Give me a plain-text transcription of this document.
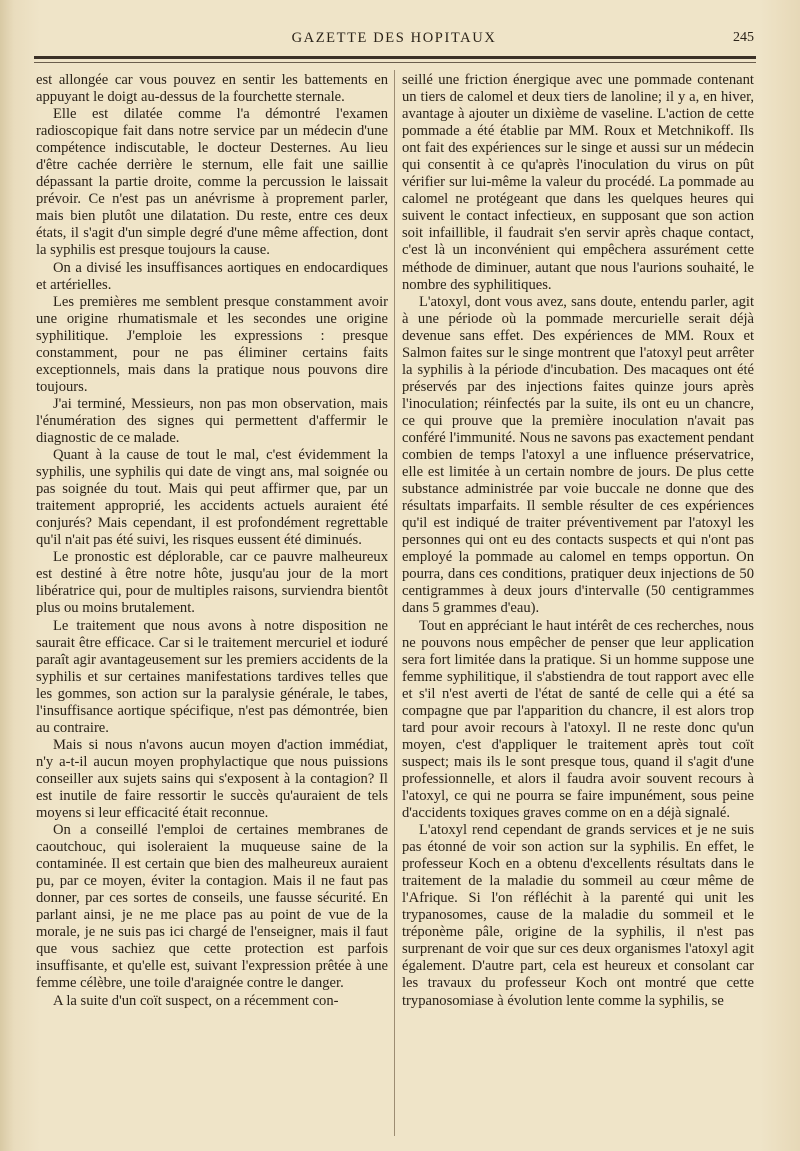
GAZETTE DES HOPITAUX	245

est allongée car vous pouvez en sentir les battements en appuyant le doigt au-dessus de la fourchette sternale.

Elle est dilatée comme l'a démontré l'examen radioscopique fait dans notre service par un médecin d'une compétence indiscutable, le docteur Desternes. Au lieu d'être cachée derrière le sternum, elle fait une saillie dépassant la partie droite, comme la percussion le laissait prévoir. Ce n'est pas un anévrisme à proprement parler, mais bien plutôt une dilatation. Du reste, entre ces deux états, il s'agit d'un simple degré d'une même affection, dont la syphilis est presque toujours la cause.

On a divisé les insuffisances aortiques en endocardiques et artérielles.

Les premières me semblent presque constamment avoir une origine rhumatismale et les secondes une origine syphilitique. J'emploie les expressions : presque constamment, pour ne pas éliminer certains faits exceptionnels, mais dans la pratique nous pouvons dire toujours.

J'ai terminé, Messieurs, non pas mon observation, mais l'énumération des signes qui permettent d'affermir le diagnostic de ce malade.

Quant à la cause de tout le mal, c'est évidemment la syphilis, une syphilis qui date de vingt ans, mal soignée ou pas soignée du tout. Mais qui peut affirmer que, par un traitement approprié, les accidents actuels auraient été conjurés? Mais cependant, il est profondément regrettable qu'il n'ait pas été suivi, les risques eussent été diminués.

Le pronostic est déplorable, car ce pauvre malheureux est destiné à être notre hôte, jusqu'au jour de la mort libératrice qui, pour de multiples raisons, surviendra bientôt plus ou moins brutalement.

Le traitement que nous avons à notre disposition ne saurait être efficace. Car si le traitement mercuriel et ioduré paraît agir avantageusement sur les premiers accidents de la syphilis et sur certaines manifestations tardives telles que les gommes, son action sur la paralysie générale, le tabes, l'insuffisance aortique spécifique, n'est pas démontrée, bien au contraire.

Mais si nous n'avons aucun moyen d'action immédiat, n'y a-t-il aucun moyen prophylactique que nous puissions conseiller aux sujets sains qui s'exposent à la contagion? Il est inutile de faire ressortir le succès qu'auraient de tels moyens si leur efficacité était reconnue.

On a conseillé l'emploi de certaines membranes de caoutchouc, qui isoleraient la muqueuse saine de la contaminée. Il est certain que bien des malheureux auraient pu, par ce moyen, éviter la contagion. Mais il ne faut pas donner, par ces sortes de conseils, une fausse sécurité. En parlant ainsi, je ne me place pas au point de vue de la morale, je ne suis pas ici chargé de l'enseigner, mais il faut que vous sachiez que cette protection est parfois insuffisante, et qu'elle est, suivant l'expression prêtée à une femme célèbre, une toile d'araignée contre le danger.

A la suite d'un coït suspect, on a récemment con-

seillé une friction énergique avec une pommade contenant un tiers de calomel et deux tiers de lanoline; il y a, en hiver, avantage à ajouter un dixième de vaseline. L'action de cette pommade a été établie par MM. Roux et Metchnikoff. Ils ont fait des expériences sur le singe et aussi sur un médecin qui consentit à ce qu'après l'inoculation du virus on pût vérifier sur lui-même la valeur du procédé. La pommade au calomel ne protégeant que dans les quelques heures qui suivent le contact infectieux, en supposant que son action soit infaillible, il faudrait s'en servir après chaque contact, c'est là un inconvénient qui empêchera assurément cette méthode de diminuer, autant que nous l'aurions souhaité, le nombre des syphilitiques.

L'atoxyl, dont vous avez, sans doute, entendu parler, agit à une période où la pommade mercurielle serait déjà devenue sans effet. Des expériences de MM. Roux et Salmon faites sur le singe montrent que l'atoxyl peut arrêter la syphilis à la période d'incubation. Des macaques ont été préservés par des injections faites quinze jours après l'inoculation; réinfectés par la suite, ils ont eu un chancre, ce qui prouve que la première inoculation n'avait pas conféré l'immunité. Nous ne savons pas exactement pendant combien de temps l'atoxyl a une influence préservatrice, elle est limitée à un certain nombre de jours. De plus cette substance administrée par voie buccale ne donne que des résultats imparfaits. Il semble résulter de ces expériences qu'il est indiqué de traiter préventivement par l'atoxyl les personnes qui ont eu des contacts suspects et qui n'ont pas employé la pommade au calomel en temps opportun. On pourra, dans ces conditions, pratiquer deux injections de 50 centigrammes à deux jours d'intervalle (50 centigrammes dans 5 grammes d'eau).

Tout en appréciant le haut intérêt de ces recherches, nous ne pouvons nous empêcher de penser que leur application sera fort limitée dans la pratique. Si un homme suppose une femme syphilitique, il s'abstiendra de tout rapport avec elle et s'il n'est averti de l'état de santé de celle qui a été sa compagne que par l'apparition du chancre, il est alors trop tard pour avoir recours à l'atoxyl. Il ne reste donc qu'un moyen, c'est d'appliquer le traitement après tout coït suspect; mais ils le sont presque tous, quand il s'agit d'une professionnelle, et alors il faudra avoir souvent recours à l'atoxyl, ce qui ne pourra se faire impunément, sous peine d'accidents toxiques graves comme on en a déjà signalé.

L'atoxyl rend cependant de grands services et je ne suis pas étonné de voir son action sur la syphilis. En effet, le professeur Koch en a obtenu d'excellents résultats dans le traitement de la maladie du sommeil au cœur même de l'Afrique. Si l'on réfléchit à la parenté qui unit les trypanosomes, cause de la maladie du sommeil et le tréponème pâle, origine de la syphilis, il n'est pas surprenant de voir que sur ces deux organismes l'atoxyl agit également. D'autre part, cela est heureux et consolant car les travaux du professeur Koch ont montré que cette trypanosomiase à évolution lente comme la syphilis, se
